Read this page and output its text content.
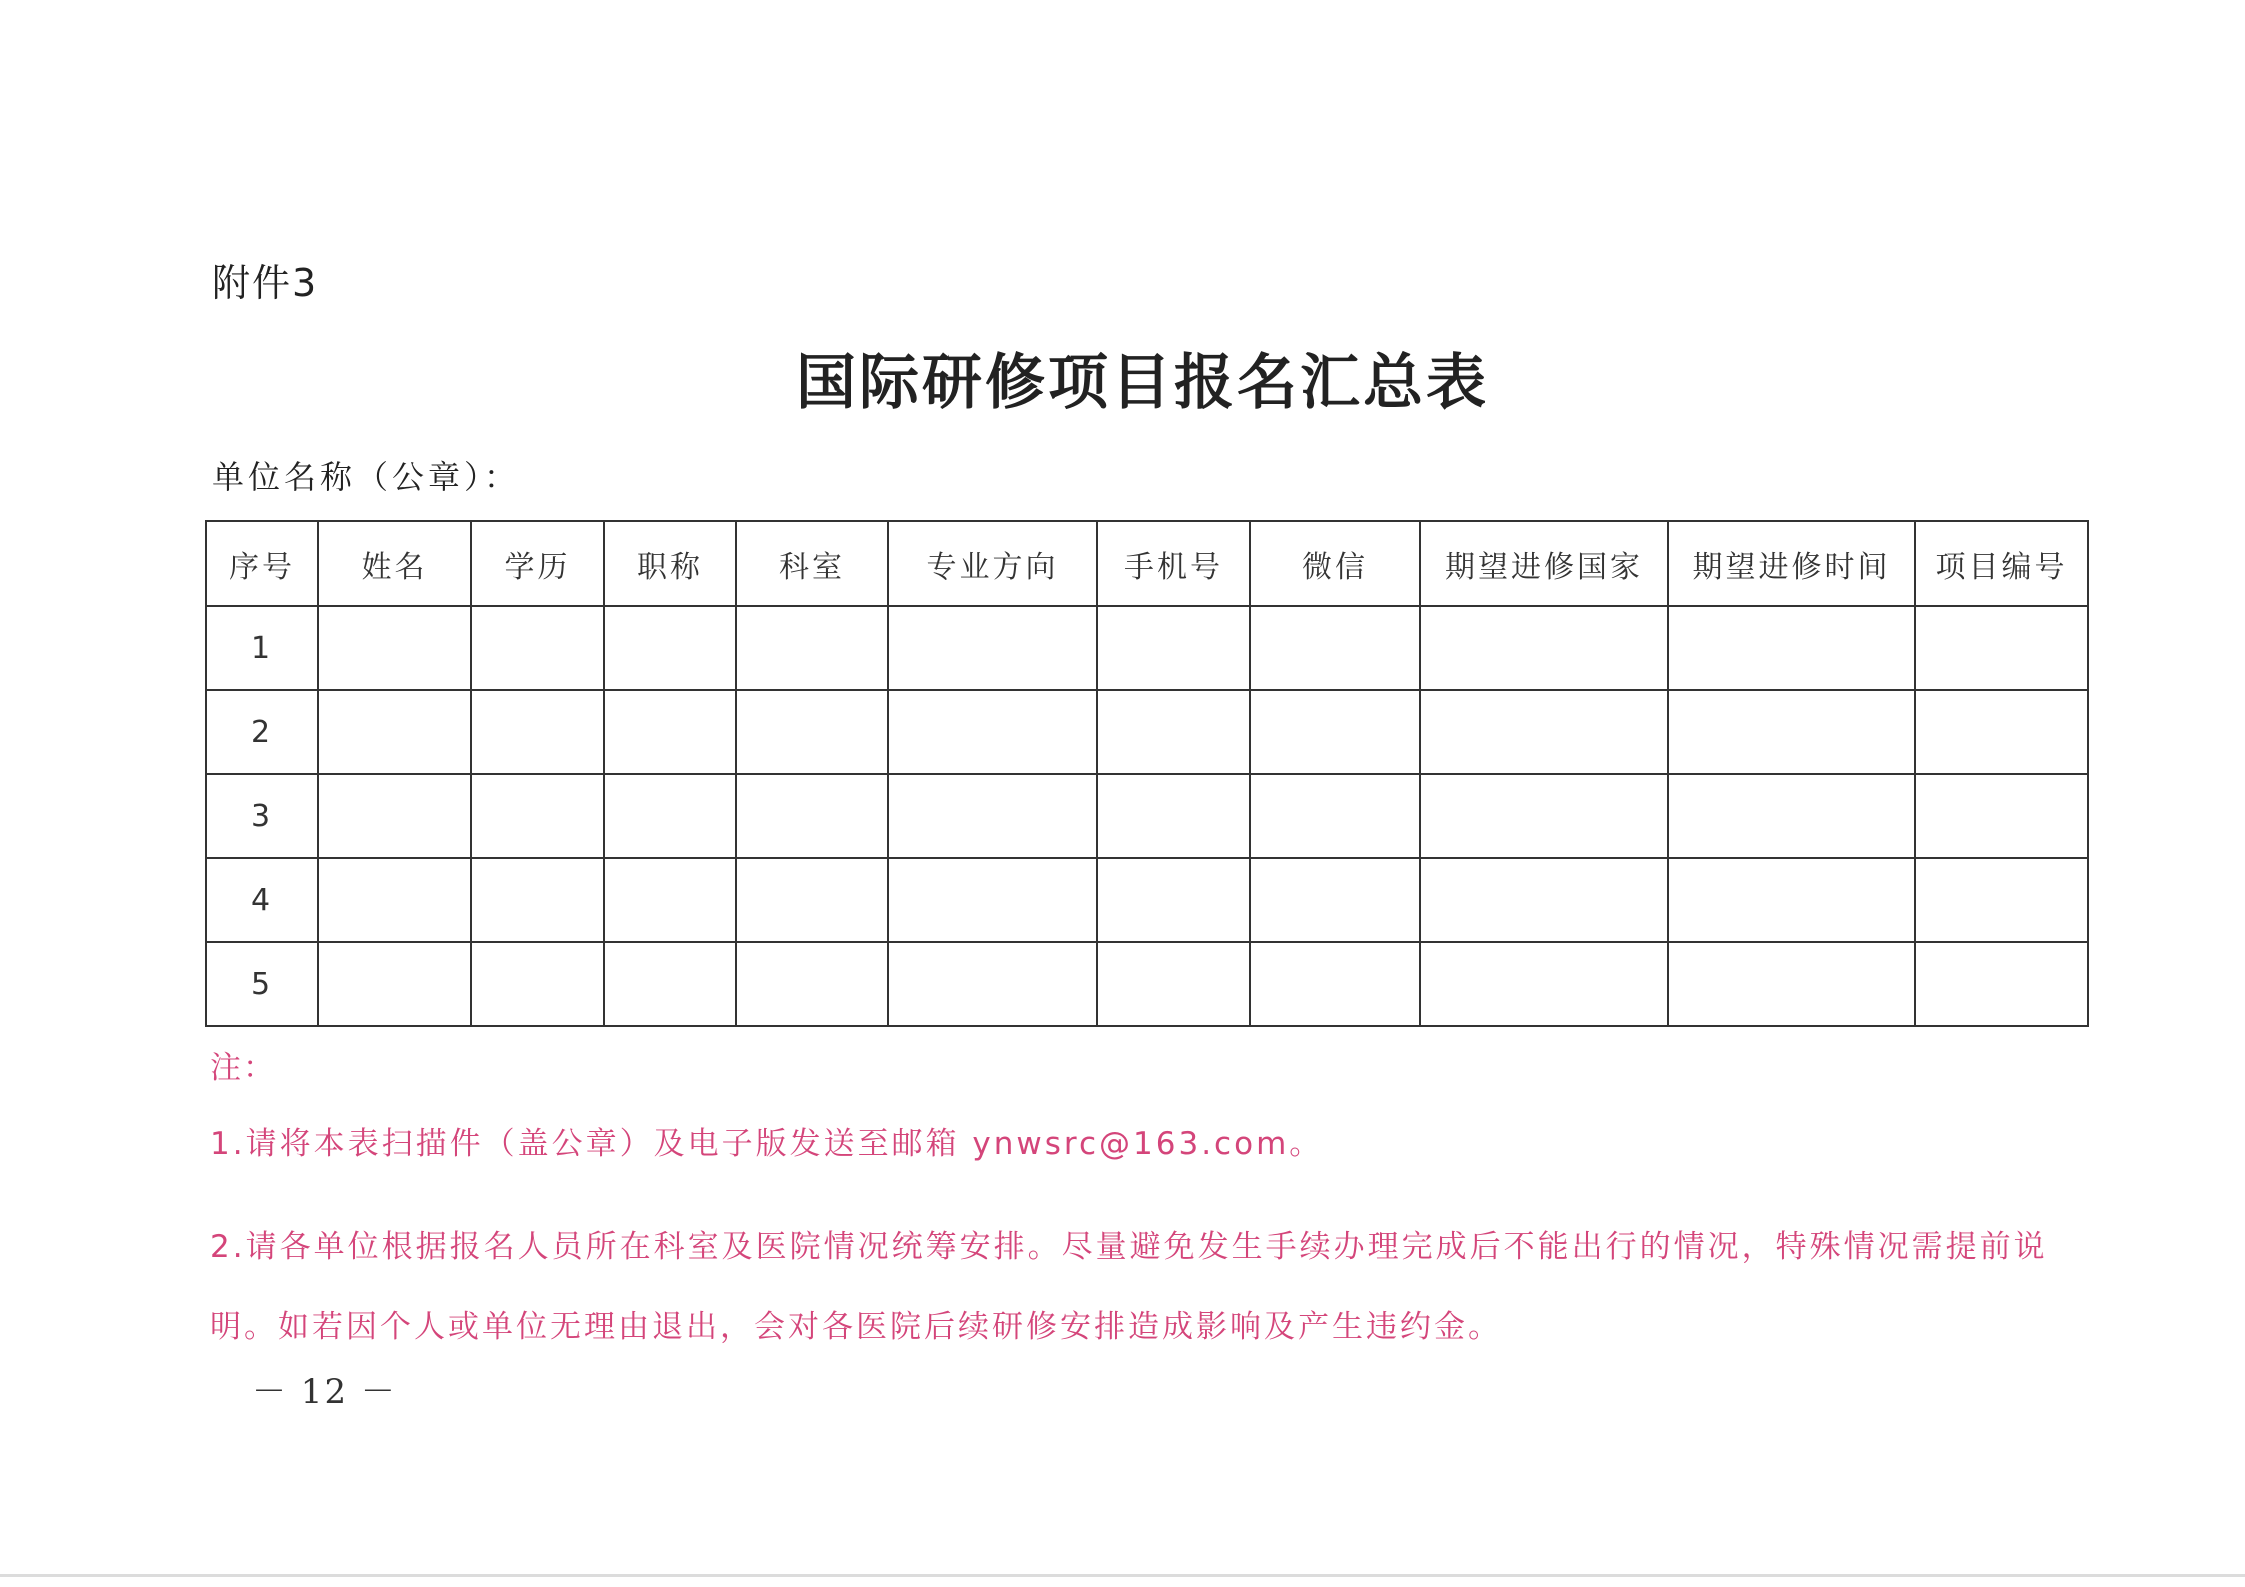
附件3
国际研修项目报名汇总表
单位名称（公章）：
序号	姓名	学历	职称	科室	专业方向	手机号	微信	期望进修国家	期望进修时间	项目编号
1										
2										
3										
4										
5										

注：

1.请将本表扫描件（盖公章）及电子版发送至邮箱 ynwsrc@163.com。

2.请各单位根据报名人员所在科室及医院情况统筹安排。尽量避免发生手续办理完成后不能出行的情况，特殊情况需提前说明。如若因个人或单位无理由退出，会对各医院后续研修安排造成影响及产生违约金。

－ 12 －
